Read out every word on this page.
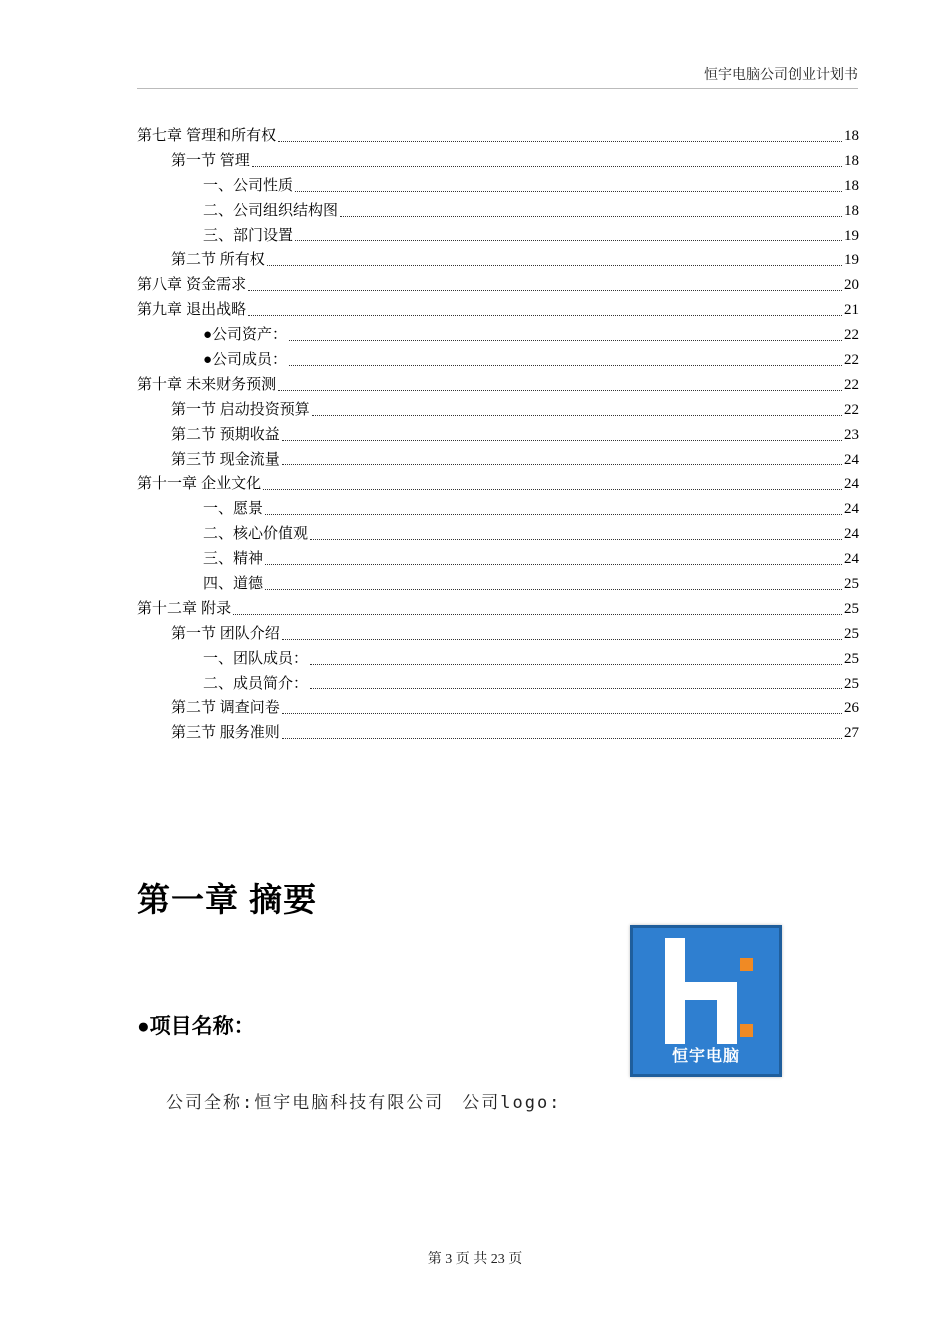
恒宇电脑公司创业计划书
第七章 管理和所有权	18
第一节 管理	18
一、公司性质	18
二、公司组织结构图	18
三、部门设置	19
第二节 所有权	19
第八章 资金需求	20
第九章 退出战略	21
●公司资产：	22
●公司成员：	22
第十章 未来财务预测	22
第一节 启动投资预算	22
第二节 预期收益	23
第三节 现金流量	24
第十一章 企业文化	24
一、愿景	24
二、核心价值观	24
三、精神	24
四、道德	25
第十二章 附录	25
第一节 团队介绍	25
一、团队成员：	25
二、成员简介：	25
第二节 调查问卷	26
第三节 服务准则	27
第一章 摘要
●项目名称：
公司全称:恒宇电脑科技有限公司 公司logo:
恒宇电脑
第 3 页 共 23 页
